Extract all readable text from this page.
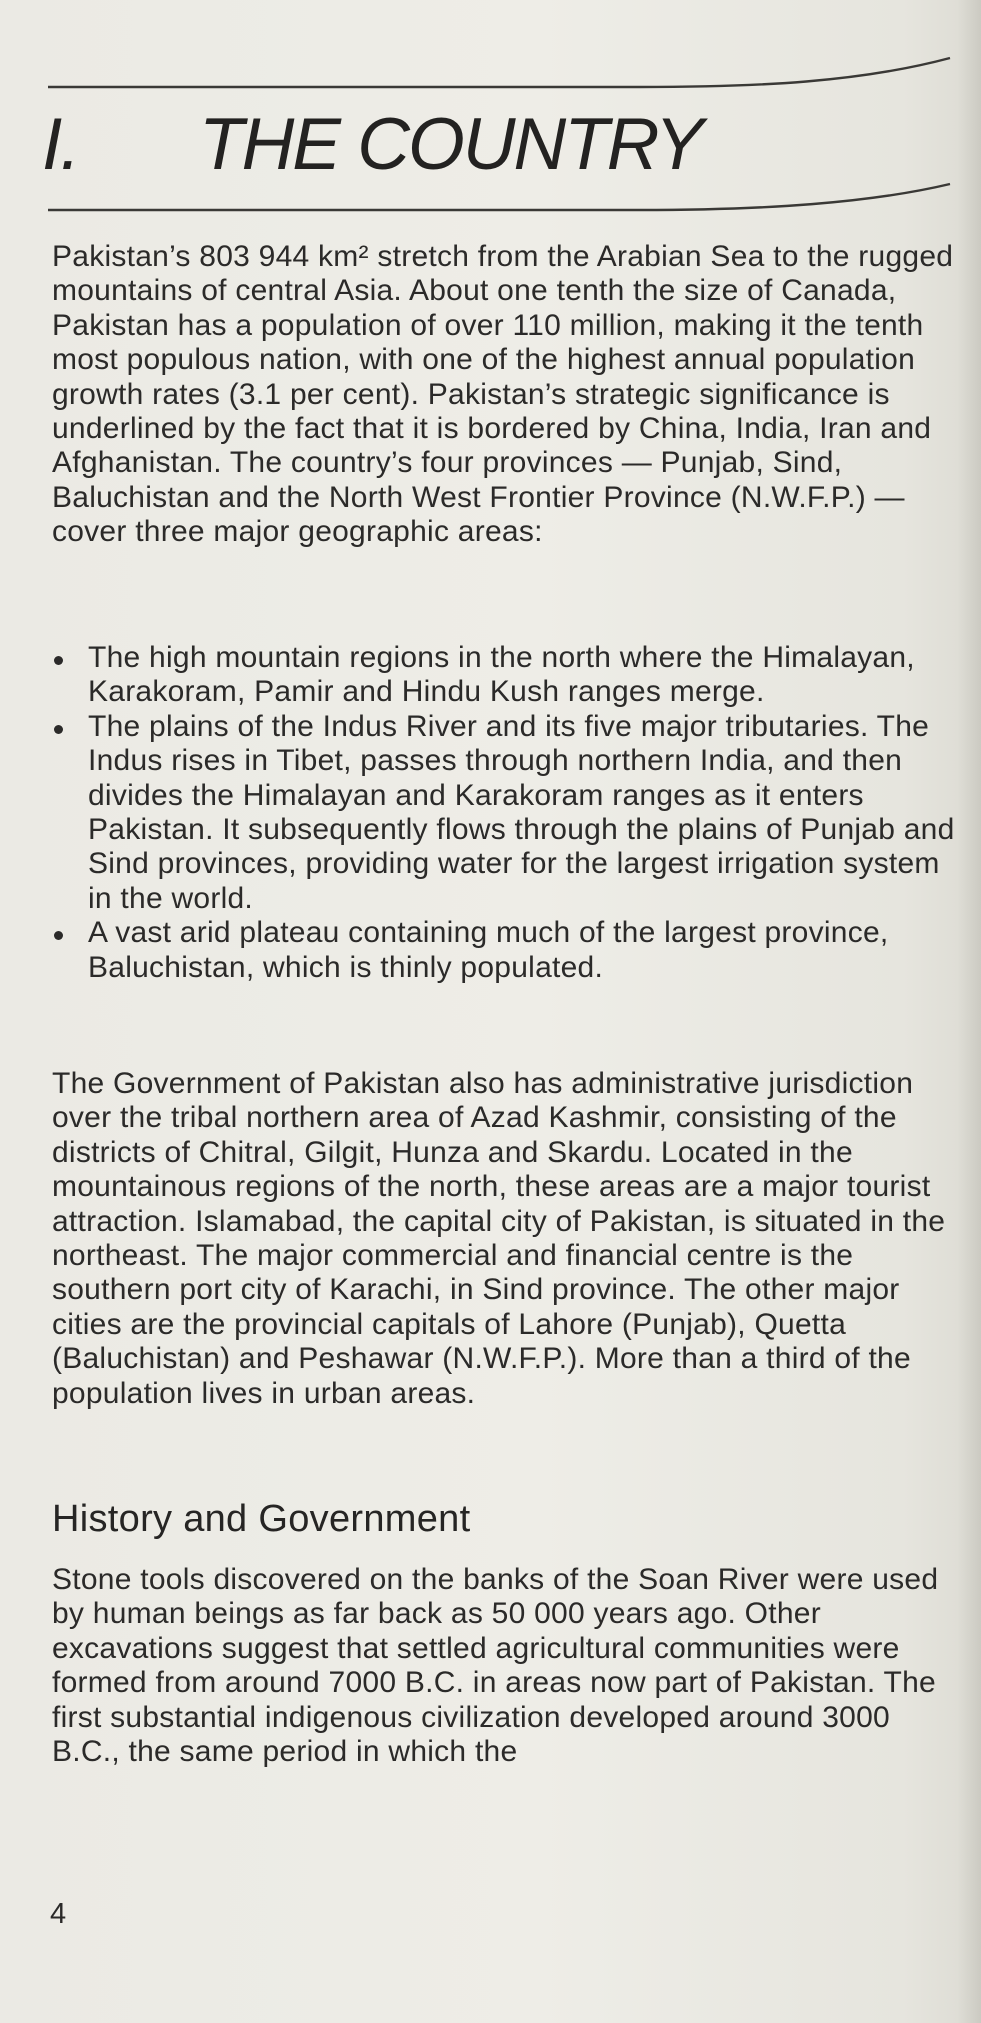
I. THE COUNTRY

Pakistan’s 803 944 km² stretch from the Arabian Sea to the rugged mountains of central Asia. About one tenth the size of Canada, Pakistan has a population of over 110 million, making it the tenth most populous nation, with one of the highest annual population growth rates (3.1 per cent). Pakistan’s strategic significance is underlined by the fact that it is bordered by China, India, Iran and Afghanistan. The country’s four provinces — Punjab, Sind, Baluchistan and the North West Frontier Province (N.W.F.P.) — cover three major geographic areas:

The high mountain regions in the north where the Himalayan, Karakoram, Pamir and Hindu Kush ranges merge.
The plains of the Indus River and its five major tributaries. The Indus rises in Tibet, passes through northern India, and then divides the Himalayan and Karakoram ranges as it enters Pakistan. It subsequently flows through the plains of Punjab and Sind provinces, providing water for the largest irrigation system in the world.
A vast arid plateau containing much of the largest province, Baluchistan, which is thinly populated.

The Government of Pakistan also has administrative jurisdiction over the tribal northern area of Azad Kashmir, consisting of the districts of Chitral, Gilgit, Hunza and Skardu. Located in the mountainous regions of the north, these areas are a major tourist attraction. Islamabad, the capital city of Pakistan, is situated in the northeast. The major commercial and financial centre is the southern port city of Karachi, in Sind province. The other major cities are the provincial capitals of Lahore (Punjab), Quetta (Baluchistan) and Peshawar (N.W.F.P.). More than a third of the population lives in urban areas.

History and Government

Stone tools discovered on the banks of the Soan River were used by human beings as far back as 50 000 years ago. Other excavations suggest that settled agricultural communities were formed from around 7000 B.C. in areas now part of Pakistan. The first substantial indigenous civilization developed around 3000 B.C., the same period in which the

4
